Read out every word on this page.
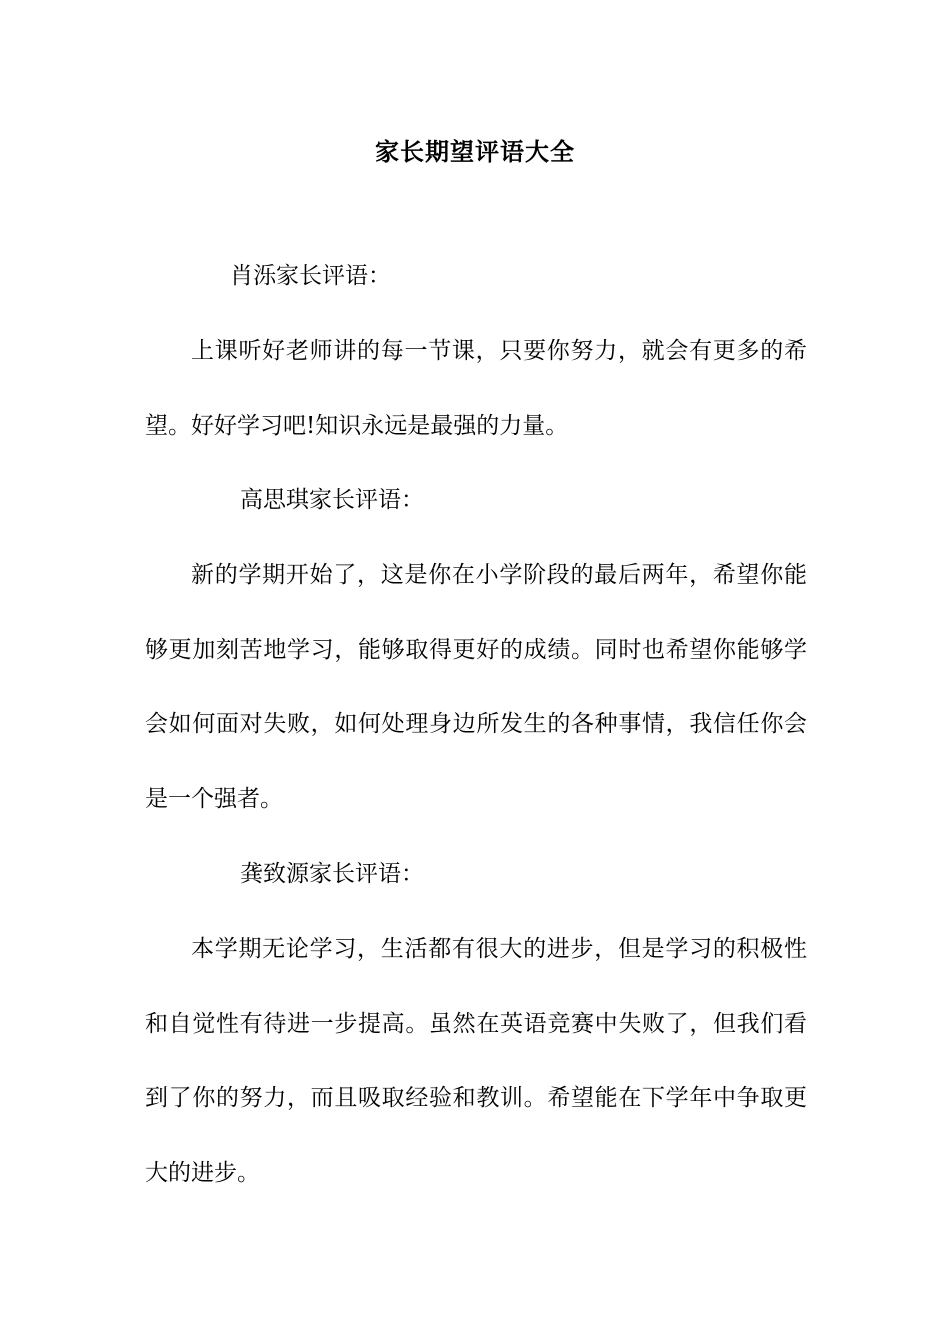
家长期望评语大全
肖泺家长评语：

上课听好老师讲的每一节课，只要你努力，就会有更多的希望。好好学习吧!知识永远是最强的力量。

高思琪家长评语：

新的学期开始了，这是你在小学阶段的最后两年，希望你能够更加刻苦地学习，能够取得更好的成绩。同时也希望你能够学会如何面对失败，如何处理身边所发生的各种事情，我信任你会是一个强者。

龚致源家长评语：

本学期无论学习，生活都有很大的进步，但是学习的积极性和自觉性有待进一步提高。虽然在英语竞赛中失败了，但我们看到了你的努力，而且吸取经验和教训。希望能在下学年中争取更大的进步。
